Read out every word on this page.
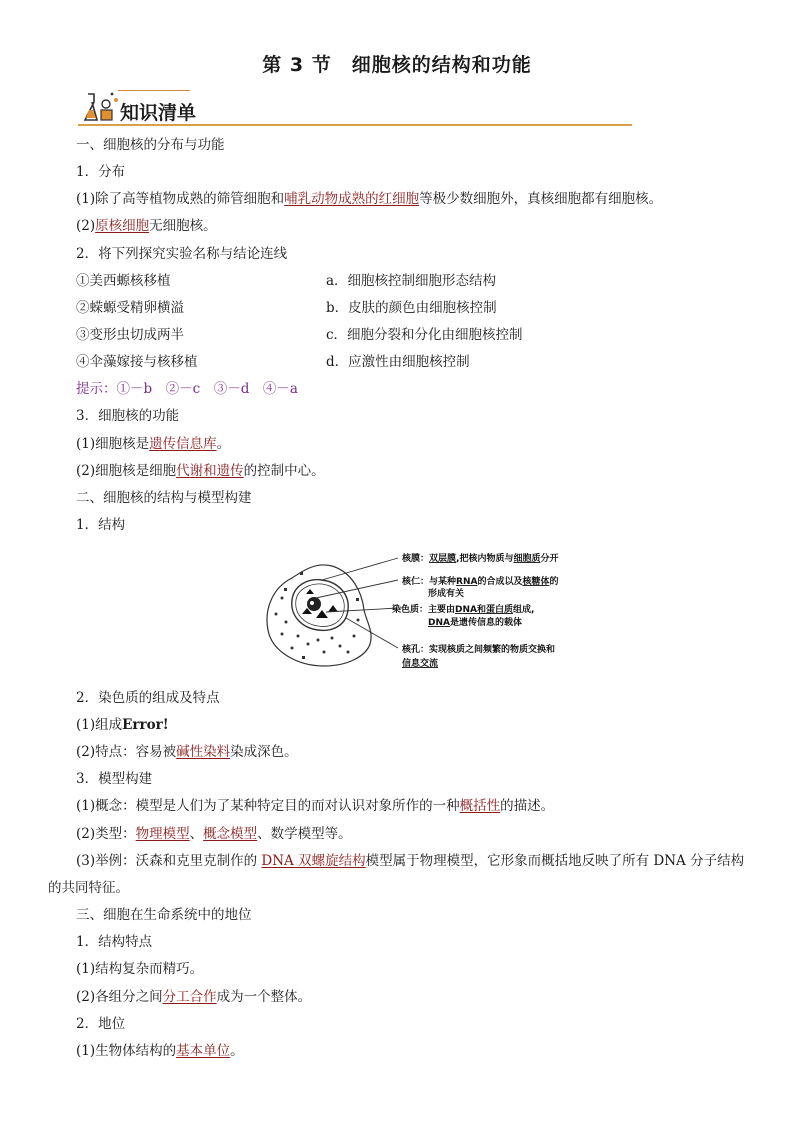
第 3 节　细胞核的结构和功能
知识清单
一、细胞核的分布与功能
1．分布
(1)除了高等植物成熟的筛管细胞和哺乳动物成熟的红细胞等极少数细胞外，真核细胞都有细胞核。
(2)原核细胞无细胞核。
2．将下列探究实验名称与结论连线
①美西螈核移植	a．细胞核控制细胞形态结构
②蝾螈受精卵横溢	b．皮肤的颜色由细胞核控制
③变形虫切成两半	c．细胞分裂和分化由细胞核控制
④伞藻嫁接与核移植	d．应激性由细胞核控制
提示：①－b　②－c　③－d　④－a
3．细胞核的功能
(1)细胞核是遗传信息库。
(2)细胞核是细胞代谢和遗传的控制中心。
二、细胞核的结构与模型构建
1．结构
核膜：双层膜,把核内物质与细胞质分开
核仁：与某种RNA的合成以及核糖体的
形成有关
染色质：主要由DNA和蛋白质组成,
DNA是遗传信息的载体
核孔：实现核质之间频繁的物质交换和
信息交流
2．染色质的组成及特点
(1)组成Error!
(2)特点：容易被碱性染料染成深色。
3．模型构建
(1)概念：模型是人们为了某种特定目的而对认识对象所作的一种概括性的描述。
(2)类型：物理模型、概念模型、数学模型等。
(3)举例：沃森和克里克制作的 DNA 双螺旋结构模型属于物理模型，它形象而概括地反映了所有 DNA 分子结构
的共同特征。
三、细胞在生命系统中的地位
1．结构特点
(1)结构复杂而精巧。
(2)各组分之间分工合作成为一个整体。
2．地位
(1)生物体结构的基本单位。
